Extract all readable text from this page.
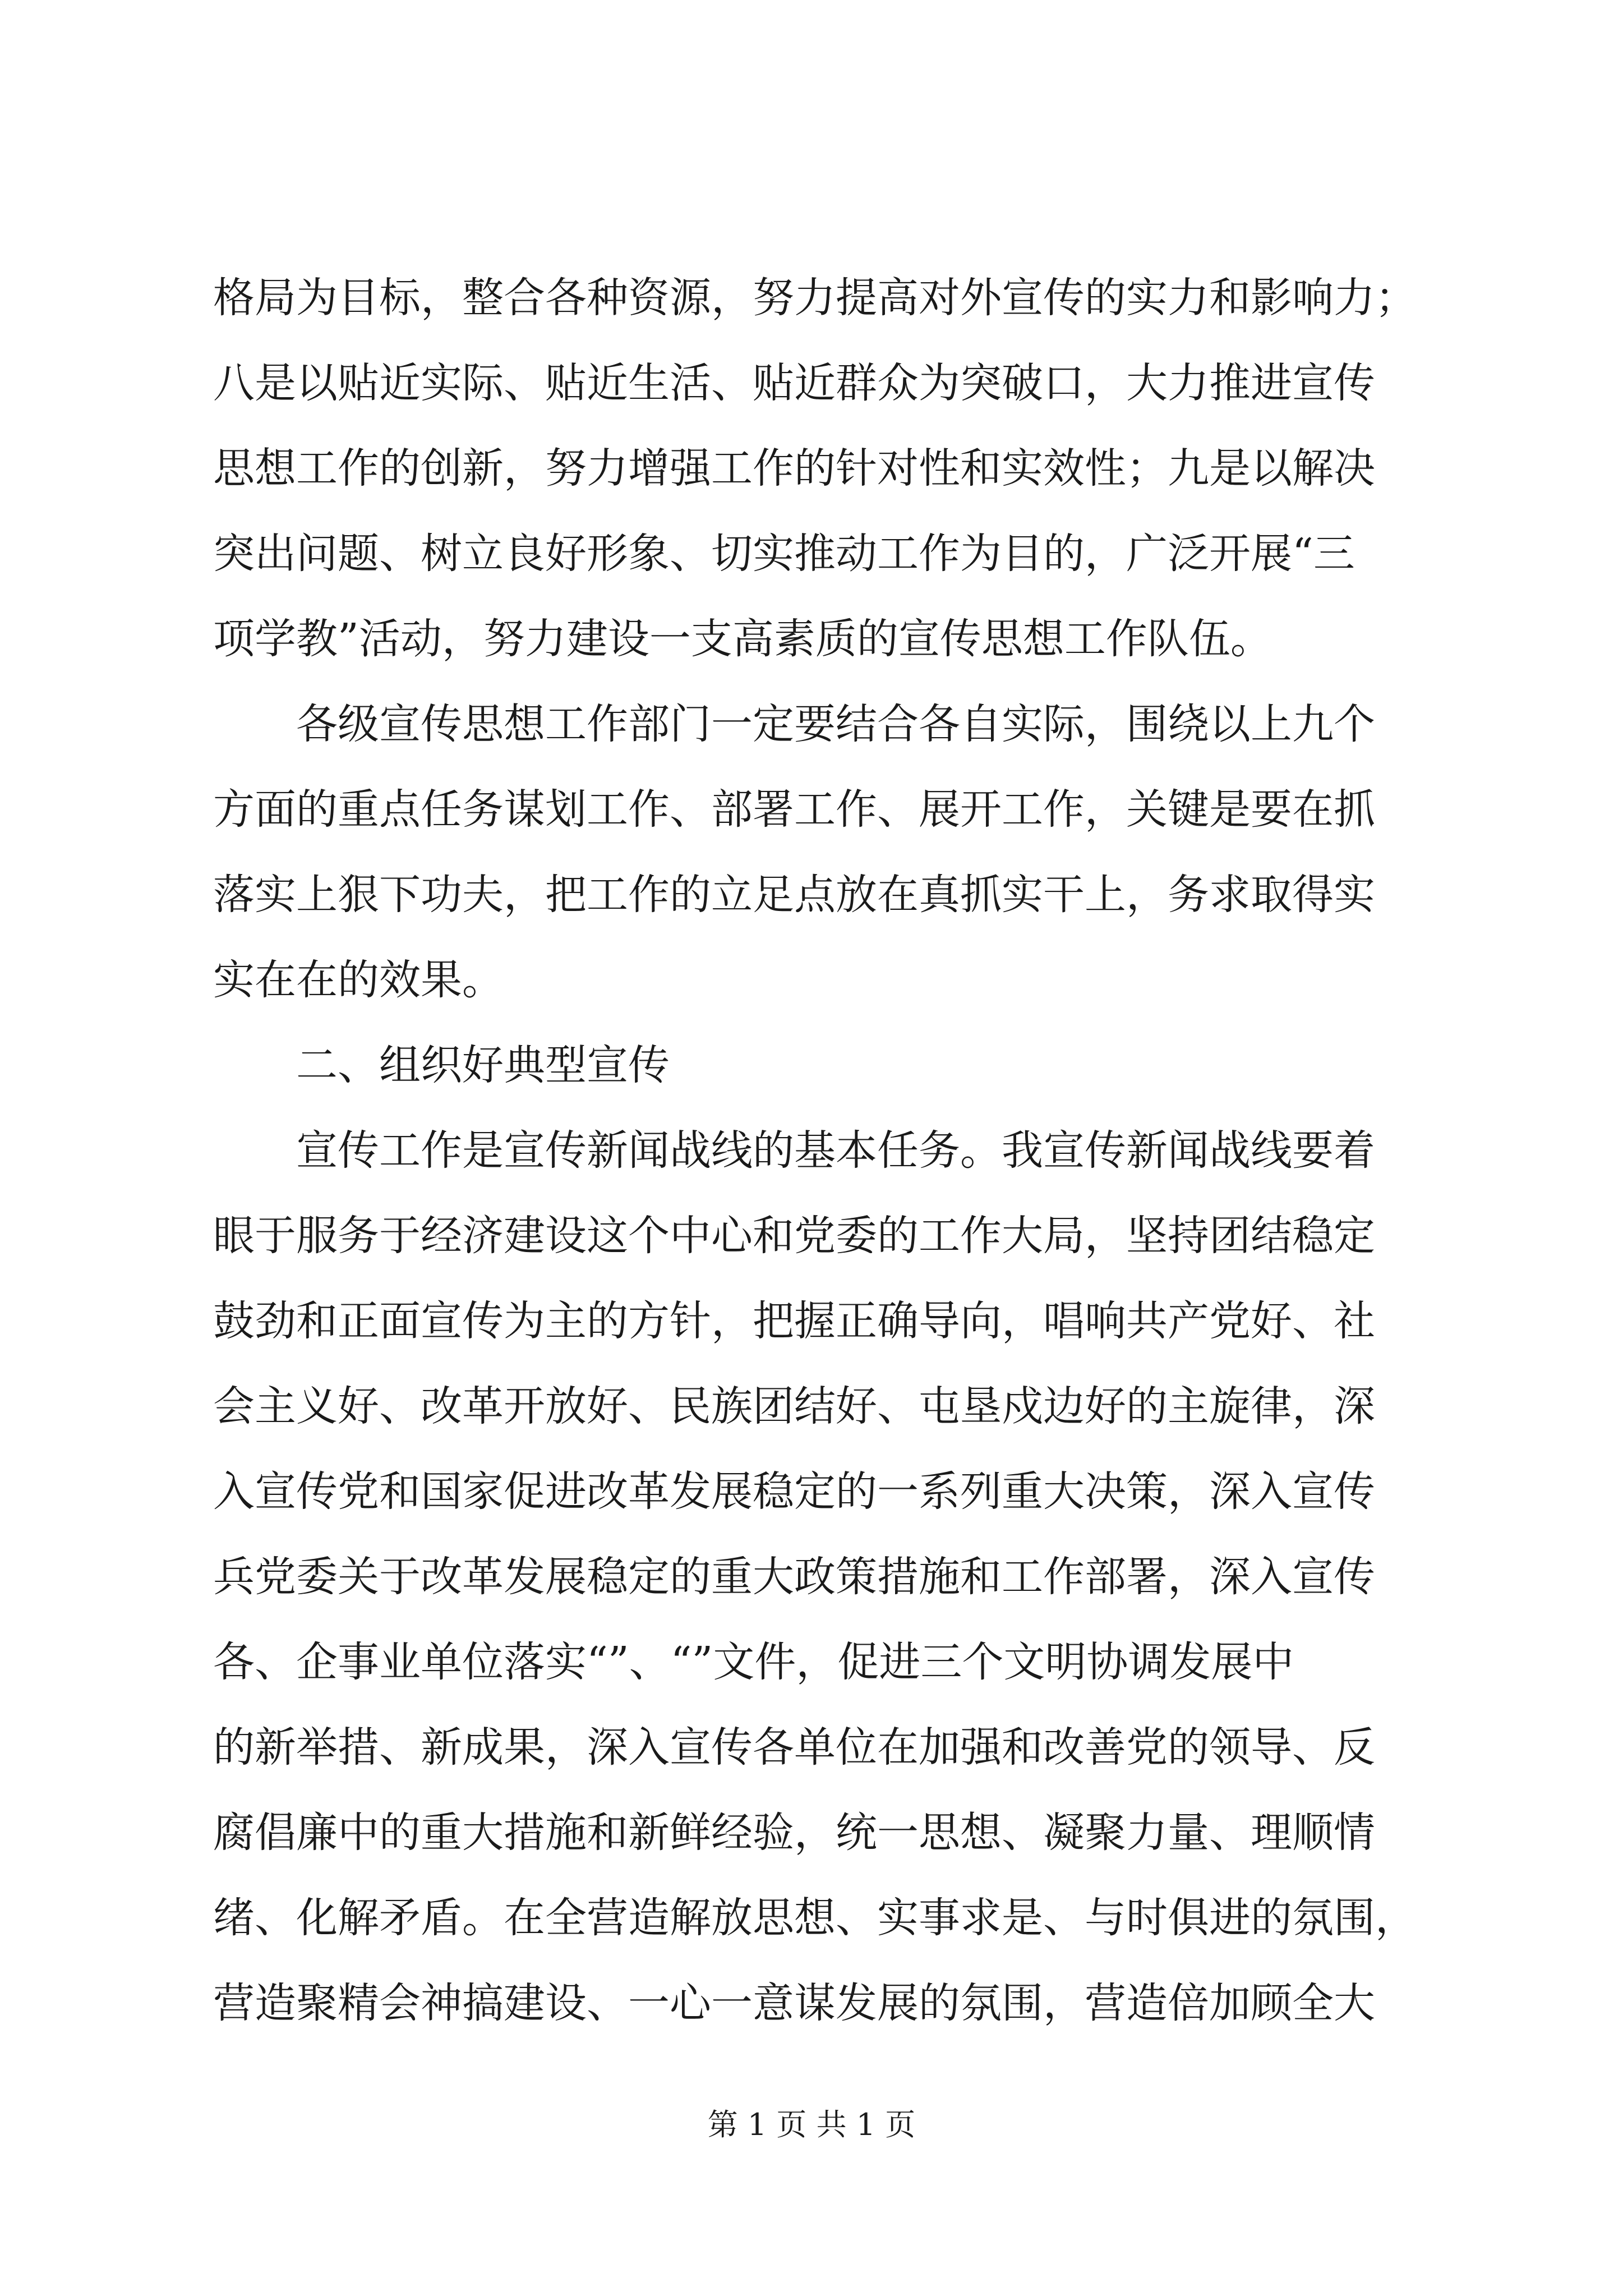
格局为目标，整合各种资源，努力提高对外宣传的实力和影响力；
八是以贴近实际、贴近生活、贴近群众为突破口，大力推进宣传
思想工作的创新，努力增强工作的针对性和实效性；九是以解决
突出问题、树立良好形象、切实推动工作为目的，广泛开展“三
项学教”活动，努力建设一支高素质的宣传思想工作队伍。
　　各级宣传思想工作部门一定要结合各自实际，围绕以上九个
方面的重点任务谋划工作、部署工作、展开工作，关键是要在抓
落实上狠下功夫，把工作的立足点放在真抓实干上，务求取得实
实在在的效果。
　　二、组织好典型宣传
　　宣传工作是宣传新闻战线的基本任务。我宣传新闻战线要着
眼于服务于经济建设这个中心和党委的工作大局，坚持团结稳定
鼓劲和正面宣传为主的方针，把握正确导向，唱响共产党好、社
会主义好、改革开放好、民族团结好、屯垦戍边好的主旋律，深
入宣传党和国家促进改革发展稳定的一系列重大决策，深入宣传
兵党委关于改革发展稳定的重大政策措施和工作部署，深入宣传
各、企事业单位落实“”、“”文件，促进三个文明协调发展中
的新举措、新成果，深入宣传各单位在加强和改善党的领导、反
腐倡廉中的重大措施和新鲜经验，统一思想、凝聚力量、理顺情
绪、化解矛盾。在全营造解放思想、实事求是、与时俱进的氛围，
营造聚精会神搞建设、一心一意谋发展的氛围，营造倍加顾全大
第 1 页 共 1 页
